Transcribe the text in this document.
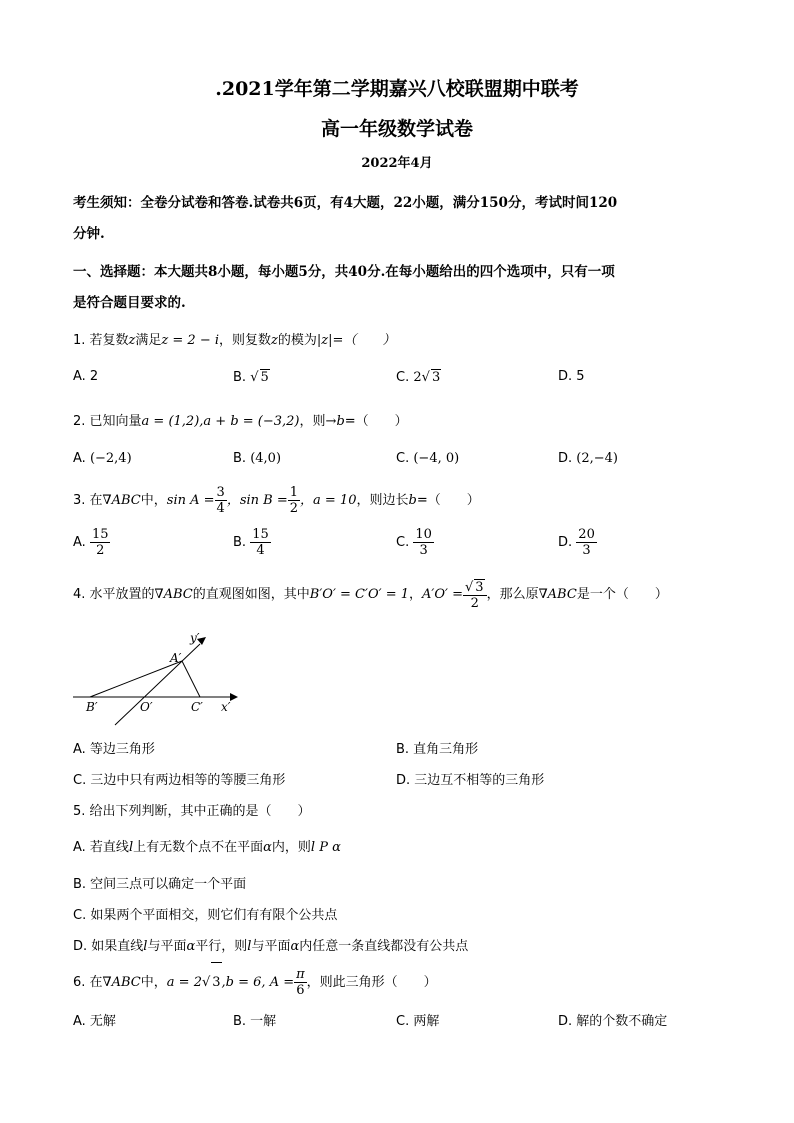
.2021学年第二学期嘉兴八校联盟期中联考
高一年级数学试卷
2022年4月
考生须知：全卷分试卷和答卷.试卷共6页，有4大题，22小题，满分150分，考试时间120
分钟.
一、选择题：本大题共8小题，每小题5分，共40分.在每小题给出的四个选项中，只有一项
是符合题目要求的.
1. 若复数z满足z = 2 − i，则复数z的模为|z|=（　　）
A. 2	B. √ 5	C. 2√ 3	D. 5
2. 已知向量a = (1,2),a + b = (−3,2)，则→
b=（　　）
A. (−2,4)	B. (4,0)	C. (−4, 0)	D. (2,−4)
3. 在∇ABC中，$\sin A = \frac{3}{4}$ ，$\sin B = \frac{1}{2}$ ，a = 10，则边长b=（　　）
A. $\frac{15}{2}$	B. $\frac{15}{4}$	C. $\frac{10}{3}$	D. $\frac{20}{3}$
4. 水平放置的∇ABC的直观图如图，其中B′O′ = C′O′ = 1，$A'O' = \frac{√ 3}{2}$ ，那么原∇ABC是一个（　　）
y′
A′
B′	O′	C′ x′
A. 等边三角形	B. 直角三角形
C. 三边中只有两边相等的等腰三角形	D. 三边互不相等的三角形
5. 给出下列判断，其中正确的是（　　）
A. 若直线l上有无数个点不在平面α内，则l P α
B. 空间三点可以确定一个平面
C. 如果两个平面相交，则它们有有限个公共点
D. 如果直线l与平面α平行，则l与平面α内任意一条直线都没有公共点
6. 在∇ABC中，a = 2√ 3,b = 6, $A = \frac{\pi}{6}$ ，则此三角形（　　）
A. 无解	B. 一解	C. 两解	D. 解的个数不确定
